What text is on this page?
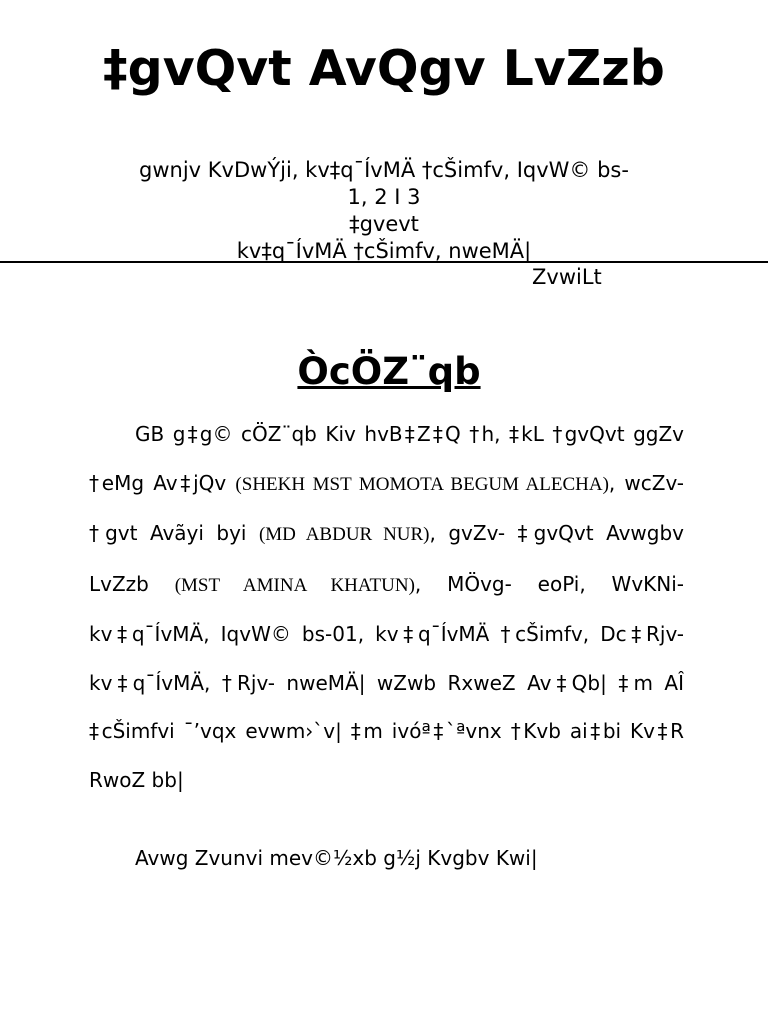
‡gvQvt AvQgv LvZzb
gwnjv KvDwÝji, kv‡q¯ÍvMÄ †cŠimfv, IqvW© bs-
1, 2 I 3
‡gvevt
kv‡q¯ÍvMÄ †cŠimfv, nweMÄ|
ZvwiLt
ÒcÖZ¨qb
GB g‡g© cÖZ¨qb Kiv hvB‡Z‡Q †h, ‡kL †gvQvt ggZv †eMg Av‡jQv (SHEKH MST MOMOTA BEGUM ALECHA), wcZv- †gvt Avãyi byi (MD ABDUR NUR), gvZv- ‡gvQvt Avwgbv LvZzb (MST AMINA KHATUN), MÖvg- eoPi, WvKNi- kv‡q¯ÍvMÄ, IqvW© bs-01, kv‡q¯ÍvMÄ †cŠimfv, Dc‡Rjv- kv‡q¯ÍvMÄ, †Rjv- nweMÄ| wZwb RxweZ Av‡Qb| ‡m AÎ ‡cŠimfvi ¯’vqx evwm›`v| ‡m ivóª‡`ªvnx †Kvb ai‡bi Kv‡R RwoZ bb|
Avwg Zvunvi mev©½xb g½j Kvgbv Kwi|
